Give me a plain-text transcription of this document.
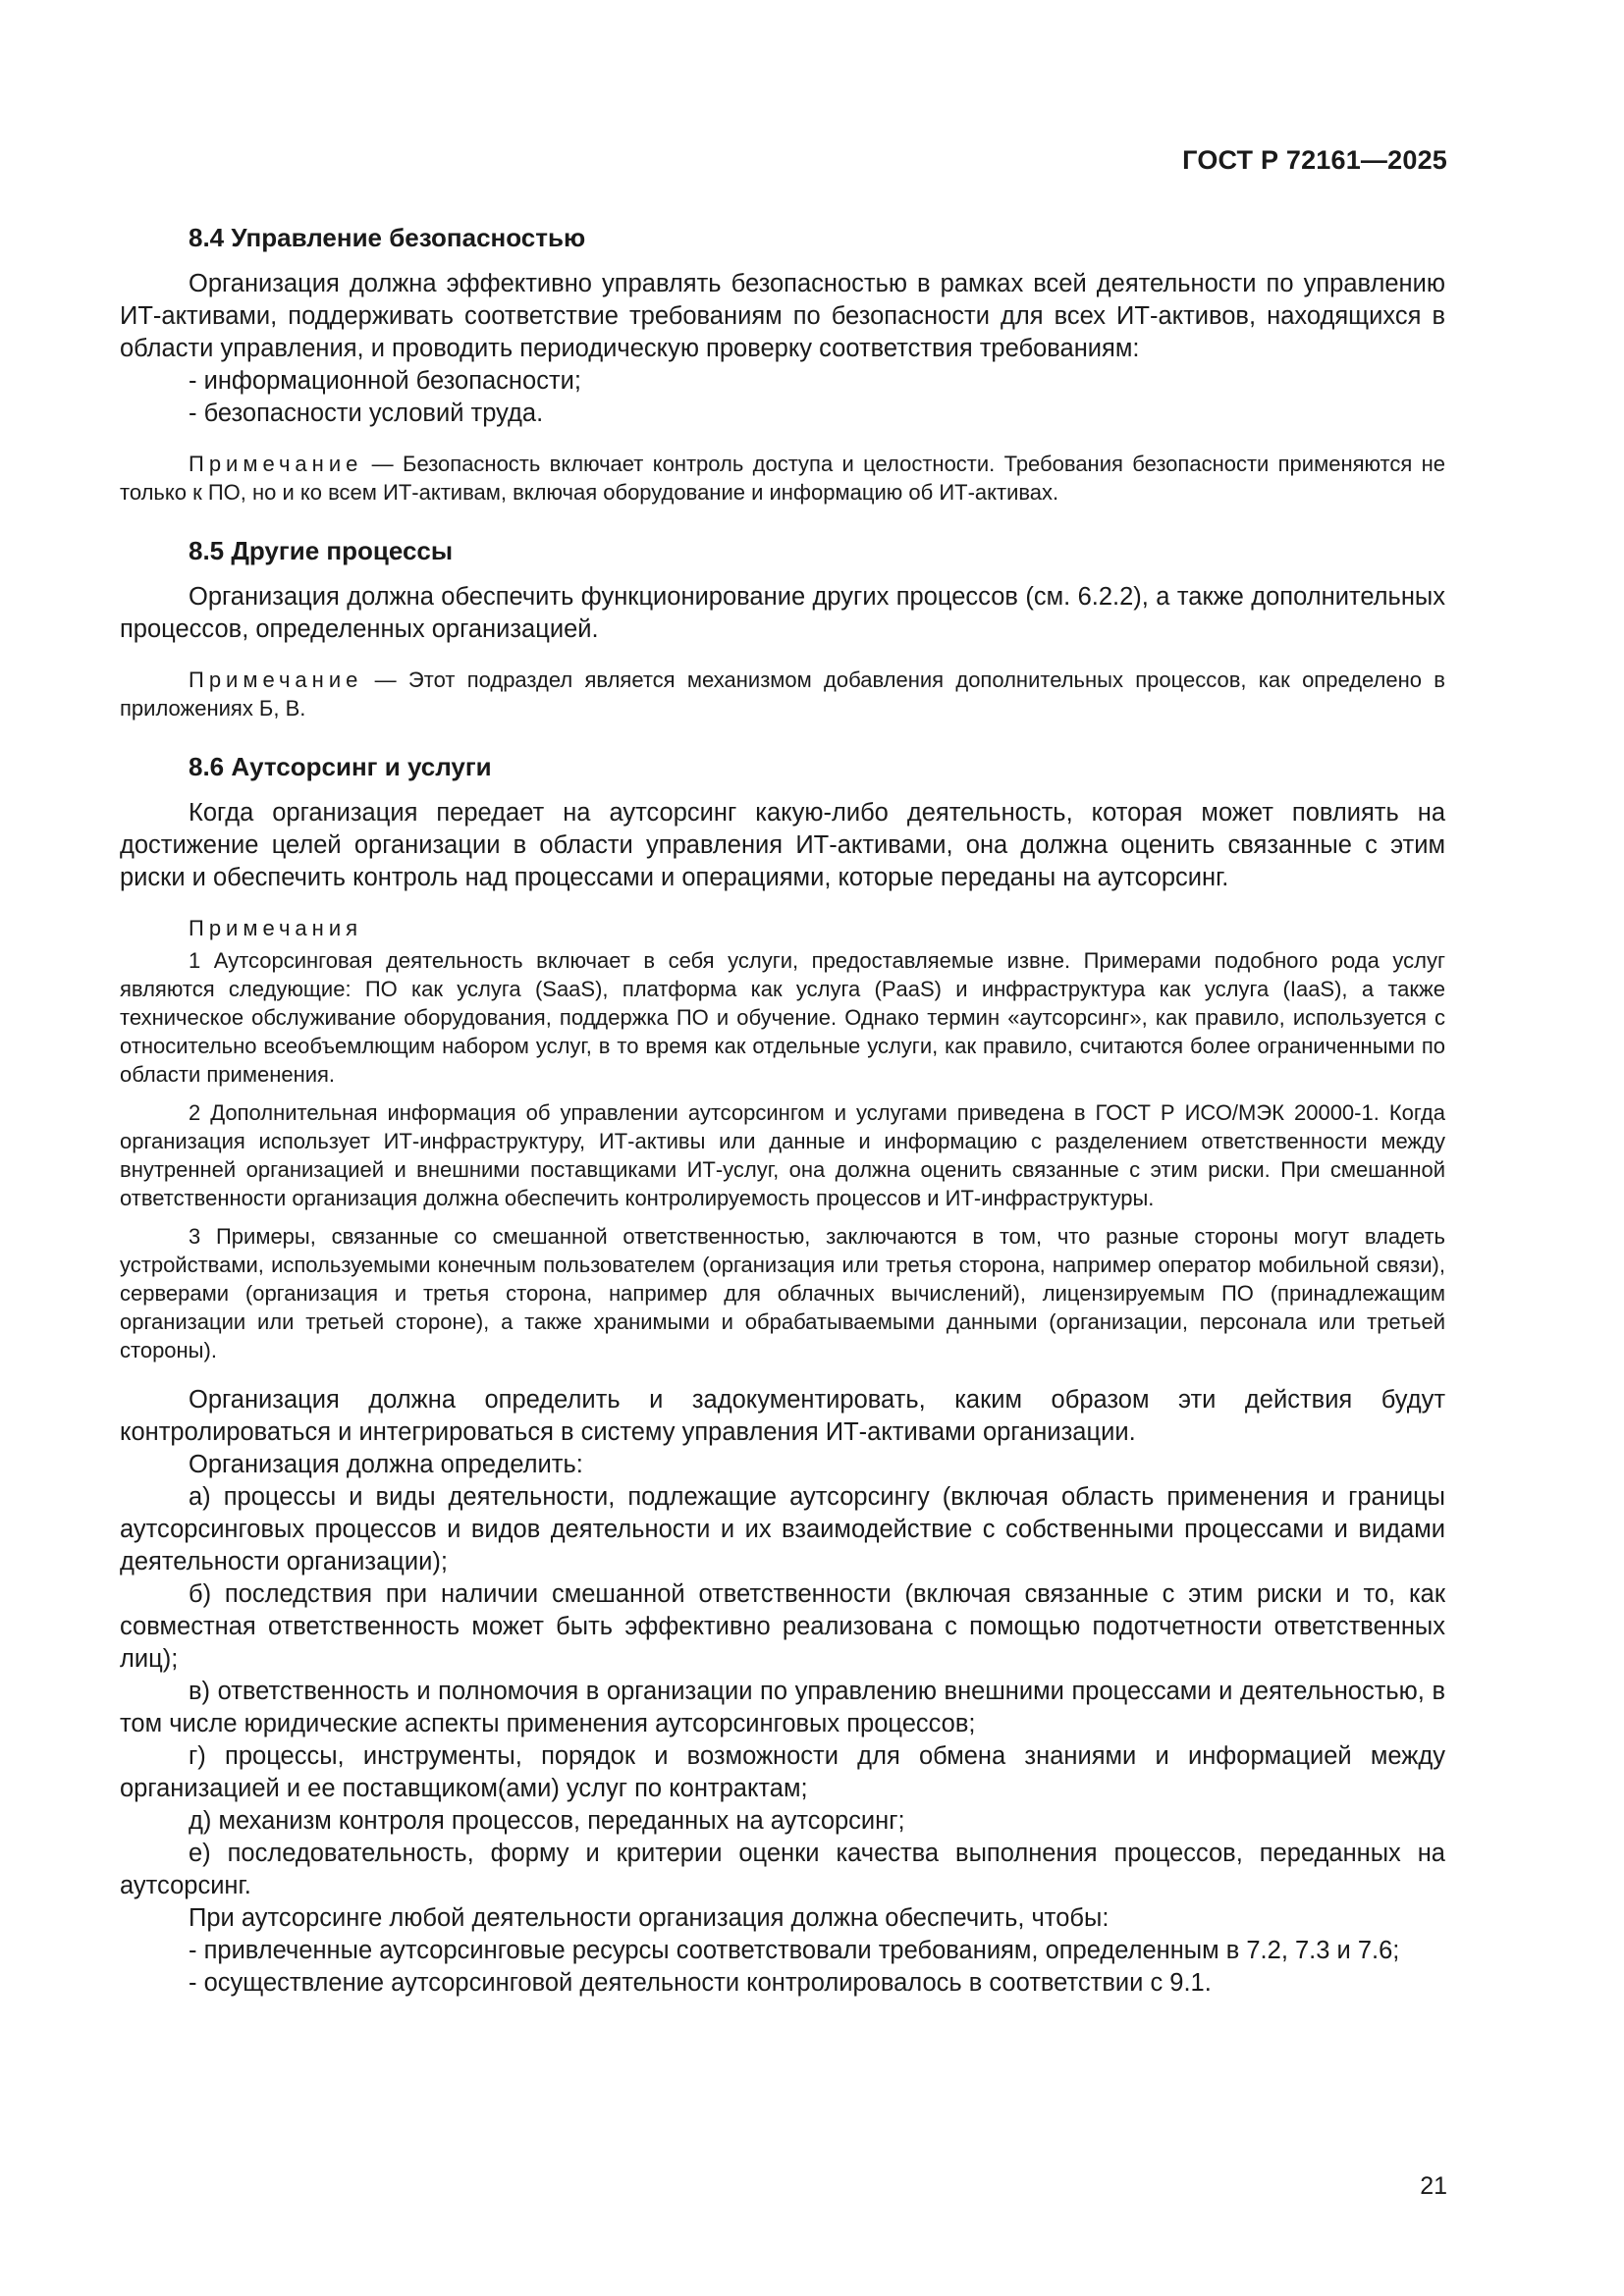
ГОСТ Р 72161—2025
8.4 Управление безопасностью

Организация должна эффективно управлять безопасностью в рамках всей деятельности по управлению ИТ-активами, поддерживать соответствие требованиям по безопасности для всех ИТ-активов, находящихся в области управления, и проводить периодическую проверку соответствия требованиям:

- информационной безопасности;

- безопасности условий труда.

Примечание — Безопасность включает контроль доступа и целостности. Требования безопасности применяются не только к ПО, но и ко всем ИТ-активам, включая оборудование и информацию об ИТ-активах.

8.5 Другие процессы

Организация должна обеспечить функционирование других процессов (см. 6.2.2), а также дополнительных процессов, определенных организацией.

Примечание — Этот подраздел является механизмом добавления дополнительных процессов, как определено в приложениях Б, В.

8.6 Аутсорсинг и услуги

Когда организация передает на аутсорсинг какую-либо деятельность, которая может повлиять на достижение целей организации в области управления ИТ-активами, она должна оценить связанные с этим риски и обеспечить контроль над процессами и операциями, которые переданы на аутсорсинг.

Примечания

1 Аутсорсинговая деятельность включает в себя услуги, предоставляемые извне. Примерами подобного рода услуг являются следующие: ПО как услуга (SaaS), платформа как услуга (PaaS) и инфраструктура как услуга (IaaS), а также техническое обслуживание оборудования, поддержка ПО и обучение. Однако термин «аутсорсинг», как правило, используется с относительно всеобъемлющим набором услуг, в то время как отдельные услуги, как правило, считаются более ограниченными по области применения.

2 Дополнительная информация об управлении аутсорсингом и услугами приведена в ГОСТ Р ИСО/МЭК 20000-1. Когда организация использует ИТ-инфраструктуру, ИТ-активы или данные и информацию с разделением ответственности между внутренней организацией и внешними поставщиками ИТ-услуг, она должна оценить связанные с этим риски. При смешанной ответственности организация должна обеспечить контролируемость процессов и ИТ-инфраструктуры.

3 Примеры, связанные со смешанной ответственностью, заключаются в том, что разные стороны могут владеть устройствами, используемыми конечным пользователем (организация или третья сторона, например оператор мобильной связи), серверами (организация и третья сторона, например для облачных вычислений), лицензируемым ПО (принадлежащим организации или третьей стороне), а также хранимыми и обрабатываемыми данными (организации, персонала или третьей стороны).

Организация должна определить и задокументировать, каким образом эти действия будут контролироваться и интегрироваться в систему управления ИТ-активами организации.

Организация должна определить:

а) процессы и виды деятельности, подлежащие аутсорсингу (включая область применения и границы аутсорсинговых процессов и видов деятельности и их взаимодействие с собственными процессами и видами деятельности организации);

б) последствия при наличии смешанной ответственности (включая связанные с этим риски и то, как совместная ответственность может быть эффективно реализована с помощью подотчетности ответственных лиц);

в) ответственность и полномочия в организации по управлению внешними процессами и деятельностью, в том числе юридические аспекты применения аутсорсинговых процессов;

г) процессы, инструменты, порядок и возможности для обмена знаниями и информацией между организацией и ее поставщиком(ами) услуг по контрактам;

д) механизм контроля процессов, переданных на аутсорсинг;

е) последовательность, форму и критерии оценки качества выполнения процессов, переданных на аутсорсинг.

При аутсорсинге любой деятельности организация должна обеспечить, чтобы:

- привлеченные аутсорсинговые ресурсы соответствовали требованиям, определенным в 7.2, 7.3 и 7.6;

- осуществление аутсорсинговой деятельности контролировалось в соответствии с 9.1.

21
